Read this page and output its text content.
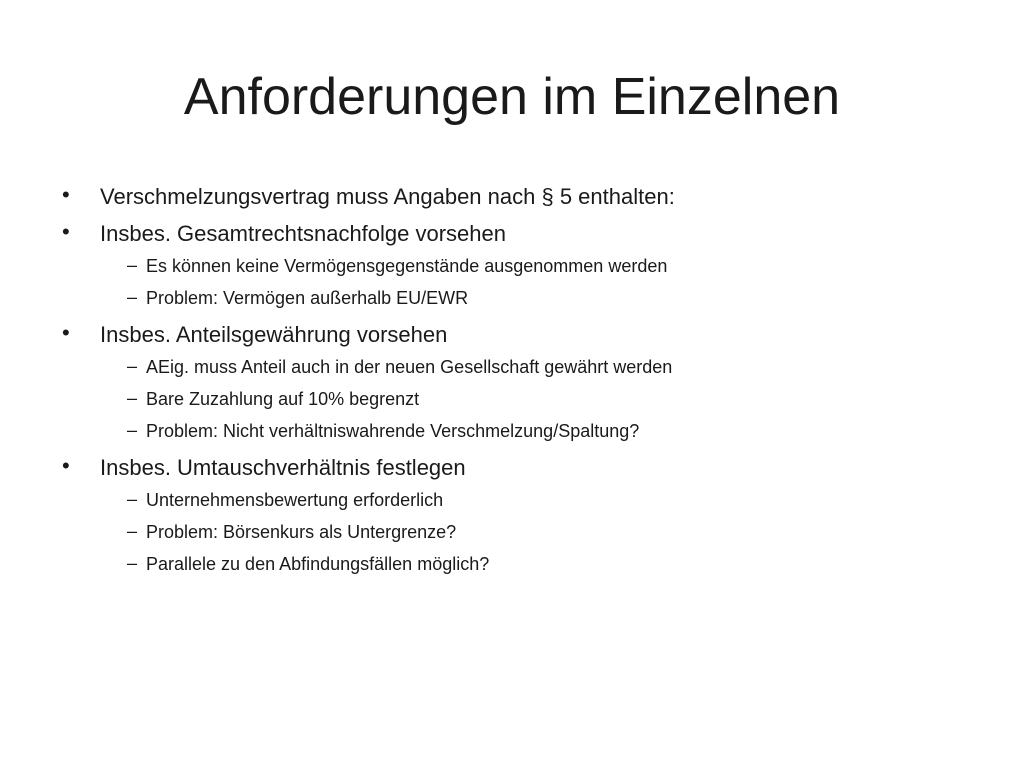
Anforderungen im Einzelnen
• Verschmelzungsvertrag muss Angaben nach § 5 enthalten:
• Insbes. Gesamtrechtsnachfolge vorsehen
– Es können keine Vermögensgegenstände ausgenommen werden
– Problem: Vermögen außerhalb EU/EWR
• Insbes. Anteilsgewährung vorsehen
– AEig. muss Anteil auch in der neuen Gesellschaft gewährt werden
– Bare Zuzahlung auf 10% begrenzt
– Problem: Nicht verhältniswahrende Verschmelzung/Spaltung?
• Insbes. Umtauschverhältnis festlegen
– Unternehmensbewertung erforderlich
– Problem: Börsenkurs als Untergrenze?
– Parallele zu den Abfindungsfällen möglich?
